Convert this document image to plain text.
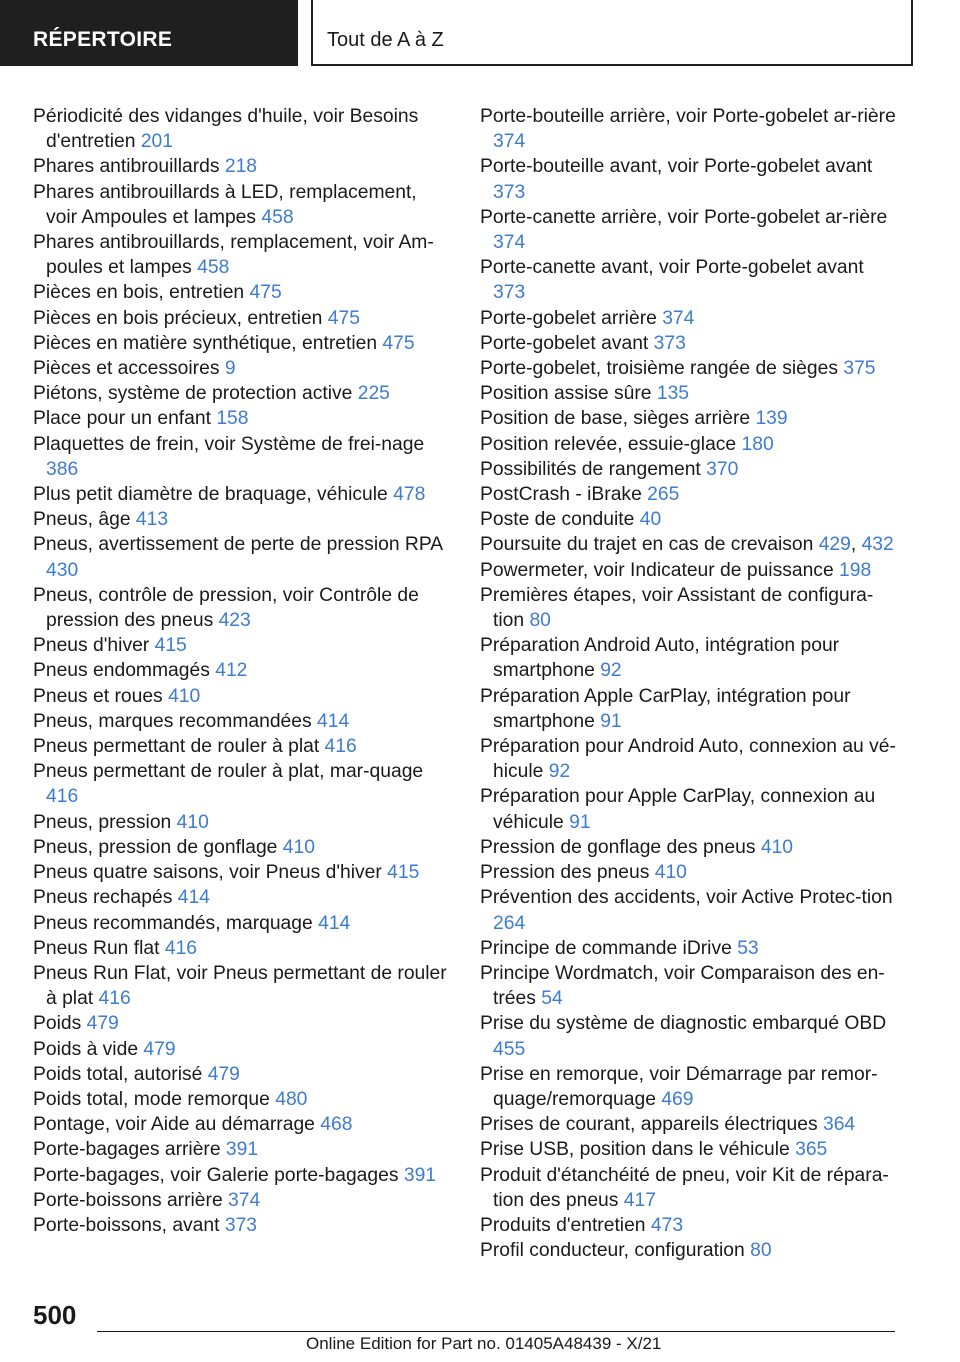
RÉPERTOIRE	Tout de A à Z
Périodicité des vidanges d'huile, voir Besoins d'entretien 201
Phares antibrouillards 218
Phares antibrouillards à LED, remplacement, voir Ampoules et lampes 458
Phares antibrouillards, remplacement, voir Am-poules et lampes 458
Pièces en bois, entretien 475
Pièces en bois précieux, entretien 475
Pièces en matière synthétique, entretien 475
Pièces et accessoires 9
Piétons, système de protection active 225
Place pour un enfant 158
Plaquettes de frein, voir Système de frei-nage 386
Plus petit diamètre de braquage, véhicule 478
Pneus, âge 413
Pneus, avertissement de perte de pression RPA 430
Pneus, contrôle de pression, voir Contrôle de pression des pneus 423
Pneus d'hiver 415
Pneus endommagés 412
Pneus et roues 410
Pneus, marques recommandées 414
Pneus permettant de rouler à plat 416
Pneus permettant de rouler à plat, mar-quage 416
Pneus, pression 410
Pneus, pression de gonflage 410
Pneus quatre saisons, voir Pneus d'hiver 415
Pneus rechapés 414
Pneus recommandés, marquage 414
Pneus Run flat 416
Pneus Run Flat, voir Pneus permettant de rouler à plat 416
Poids 479
Poids à vide 479
Poids total, autorisé 479
Poids total, mode remorque 480
Pontage, voir Aide au démarrage 468
Porte-bagages arrière 391
Porte-bagages, voir Galerie porte-bagages 391
Porte-boissons arrière 374
Porte-boissons, avant 373
Porte-bouteille arrière, voir Porte-gobelet ar-rière 374
Porte-bouteille avant, voir Porte-gobelet avant 373
Porte-canette arrière, voir Porte-gobelet ar-rière 374
Porte-canette avant, voir Porte-gobelet avant 373
Porte-gobelet arrière 374
Porte-gobelet avant 373
Porte-gobelet, troisième rangée de sièges 375
Position assise sûre 135
Position de base, sièges arrière 139
Position relevée, essuie-glace 180
Possibilités de rangement 370
PostCrash - iBrake 265
Poste de conduite 40
Poursuite du trajet en cas de crevaison 429, 432
Powermeter, voir Indicateur de puissance 198
Premières étapes, voir Assistant de configura-tion 80
Préparation Android Auto, intégration pour smartphone 92
Préparation Apple CarPlay, intégration pour smartphone 91
Préparation pour Android Auto, connexion au vé-hicule 92
Préparation pour Apple CarPlay, connexion au véhicule 91
Pression de gonflage des pneus 410
Pression des pneus 410
Prévention des accidents, voir Active Protec-tion 264
Principe de commande iDrive 53
Principe Wordmatch, voir Comparaison des en-trées 54
Prise du système de diagnostic embarqué OBD 455
Prise en remorque, voir Démarrage par remor-quage/remorquage 469
Prises de courant, appareils électriques 364
Prise USB, position dans le véhicule 365
Produit d'étanchéité de pneu, voir Kit de répara-tion des pneus 417
Produits d'entretien 473
Profil conducteur, configuration 80
500
Online Edition for Part no. 01405A48439 - X/21
